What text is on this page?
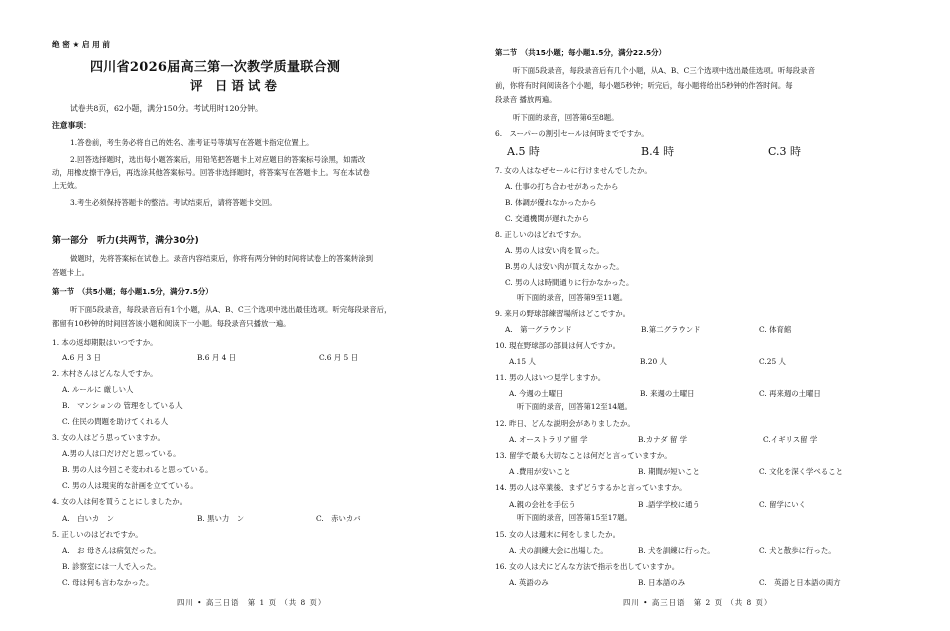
绝 密 ★ 启 用 前
四川省2026届高三第一次教学质量联合测
评 日语试卷
试卷共8页，62小题，满分150分。考试用时120分钟。
注意事项：
1.答卷前，考生务必将自己的姓名、准考证号等填写在答题卡指定位置上。
2.回答选择题时，选出每小题答案后，用铅笔把答题卡上对应题目的答案标号涂黑，如需改
动，用橡皮擦干净后，再选涂其他答案标号。回答非选择题时，将答案写在答题卡上。写在本试卷
上无效。
3.考生必须保持答题卡的整洁。考试结束后，请将答题卡交回。
第一部分　听力(共两节，满分30分)
做题时，先将答案标在试卷上。录音内容结束后，你将有两分钟的时间将试卷上的答案转涂到
答题卡上。
第一节　（共5小题；每小题1.5分，满分7.5分）
听下面5段录音，每段录音后有1个小题，从A、B、C三个选项中选出最佳选项。听完每段录音后，
都留有10秒钟的时间回答该小题和阅读下一小题。每段录音只播放一遍。
1. 本の返却期限はいつですか。
A.6 月 3 日	B.6 月 4 日	C.6 月 5 日
2. 木村さんはどんな人ですか。
A. ルールに 厳しい人
B.　マンションの 管理をしている人
C. 住民の問題を助けてくれる人
3. 女の人はどう思っていますか。
A.男の人は口だけだと思っている。
B. 男の人は今回こそ変われると思っている。
C. 男の人は現実的な計画を立てている。
4. 女の人は何を買うことにしましたか。
A.　白いカ　ン	B. 黒い力　ン	C.　赤いカバ
5. 正しいのはどれですか。
A.　お 母さんは病気だった。
B. 診察室には一人で入った。
C. 母は何も言わなかった。
四川 • 高三日语　第 1 页 （共 8 页）
第二节　（共15小题；每小题1.5分，满分22.5分）
听下面5段录音，每段录音后有几个小题，从A、B、C三个选项中选出最佳选项。听每段录音
前，你将有时间阅读各个小题，每小题5秒钟；听完后，每小题将给出5秒钟的作答时间。每
段录音 播放两遍。
听下面的录音，回答第6至8题。
6.　スーパーの割引セールは何時までですか。
A.5 時	B.4 時	C.3 時
7. 女の人はなぜセールに行けませんでしたか。
A. 仕事の打ち合わせがあったから
B. 体調が優れなかったから
C. 交通機関が遅れたから
8. 正しいのはどれですか。
A. 男の人は安い肉を買った。
B.男の人は安い肉が買えなかった。
C. 男の人は時間通りに行かなかった。
听下面的录音，回答第9至11题。
9. 来月の野球部練習場所はどこですか。
A.　第一グラウンド	B.第二グラウンド	C. 体育館
10. 現在野球部の部員は何人ですか。
A.15 人	B.20 人	C.25 人
11. 男の人はいつ見学しますか。
A. 今週の土曜日	B. 来週の土曜日	C. 再来週の土曜日
听下面的录音，回答第12至14题。
12. 昨日、どんな説明会がありましたか。
A. オーストラリア留 学	B.カナダ 留 学	C.イギリス留 学
13. 留学で最も大切なことは何だと言っていますか。
A .費用が安いこと	B. 期間が短いこと	C. 文化を深く学べること
14. 男の人は卒業後、まずどうするかと言っていますか。
A.親の会社を手伝う	B .語学学校に通う	C. 留学にいく
听下面的录音，回答第15至17题。
15. 女の人は週末に何をしましたか。
A. 犬の訓練大会に出場した。	B. 犬を訓練に行った。	C. 犬と散歩に行った。
16. 女の人は犬にどんな方法で指示を出していますか。
A. 英語のみ	B. 日本語のみ	C.　英語と日本語の両方
四川 • 高三日语　第 2 页 （共 8 页）
